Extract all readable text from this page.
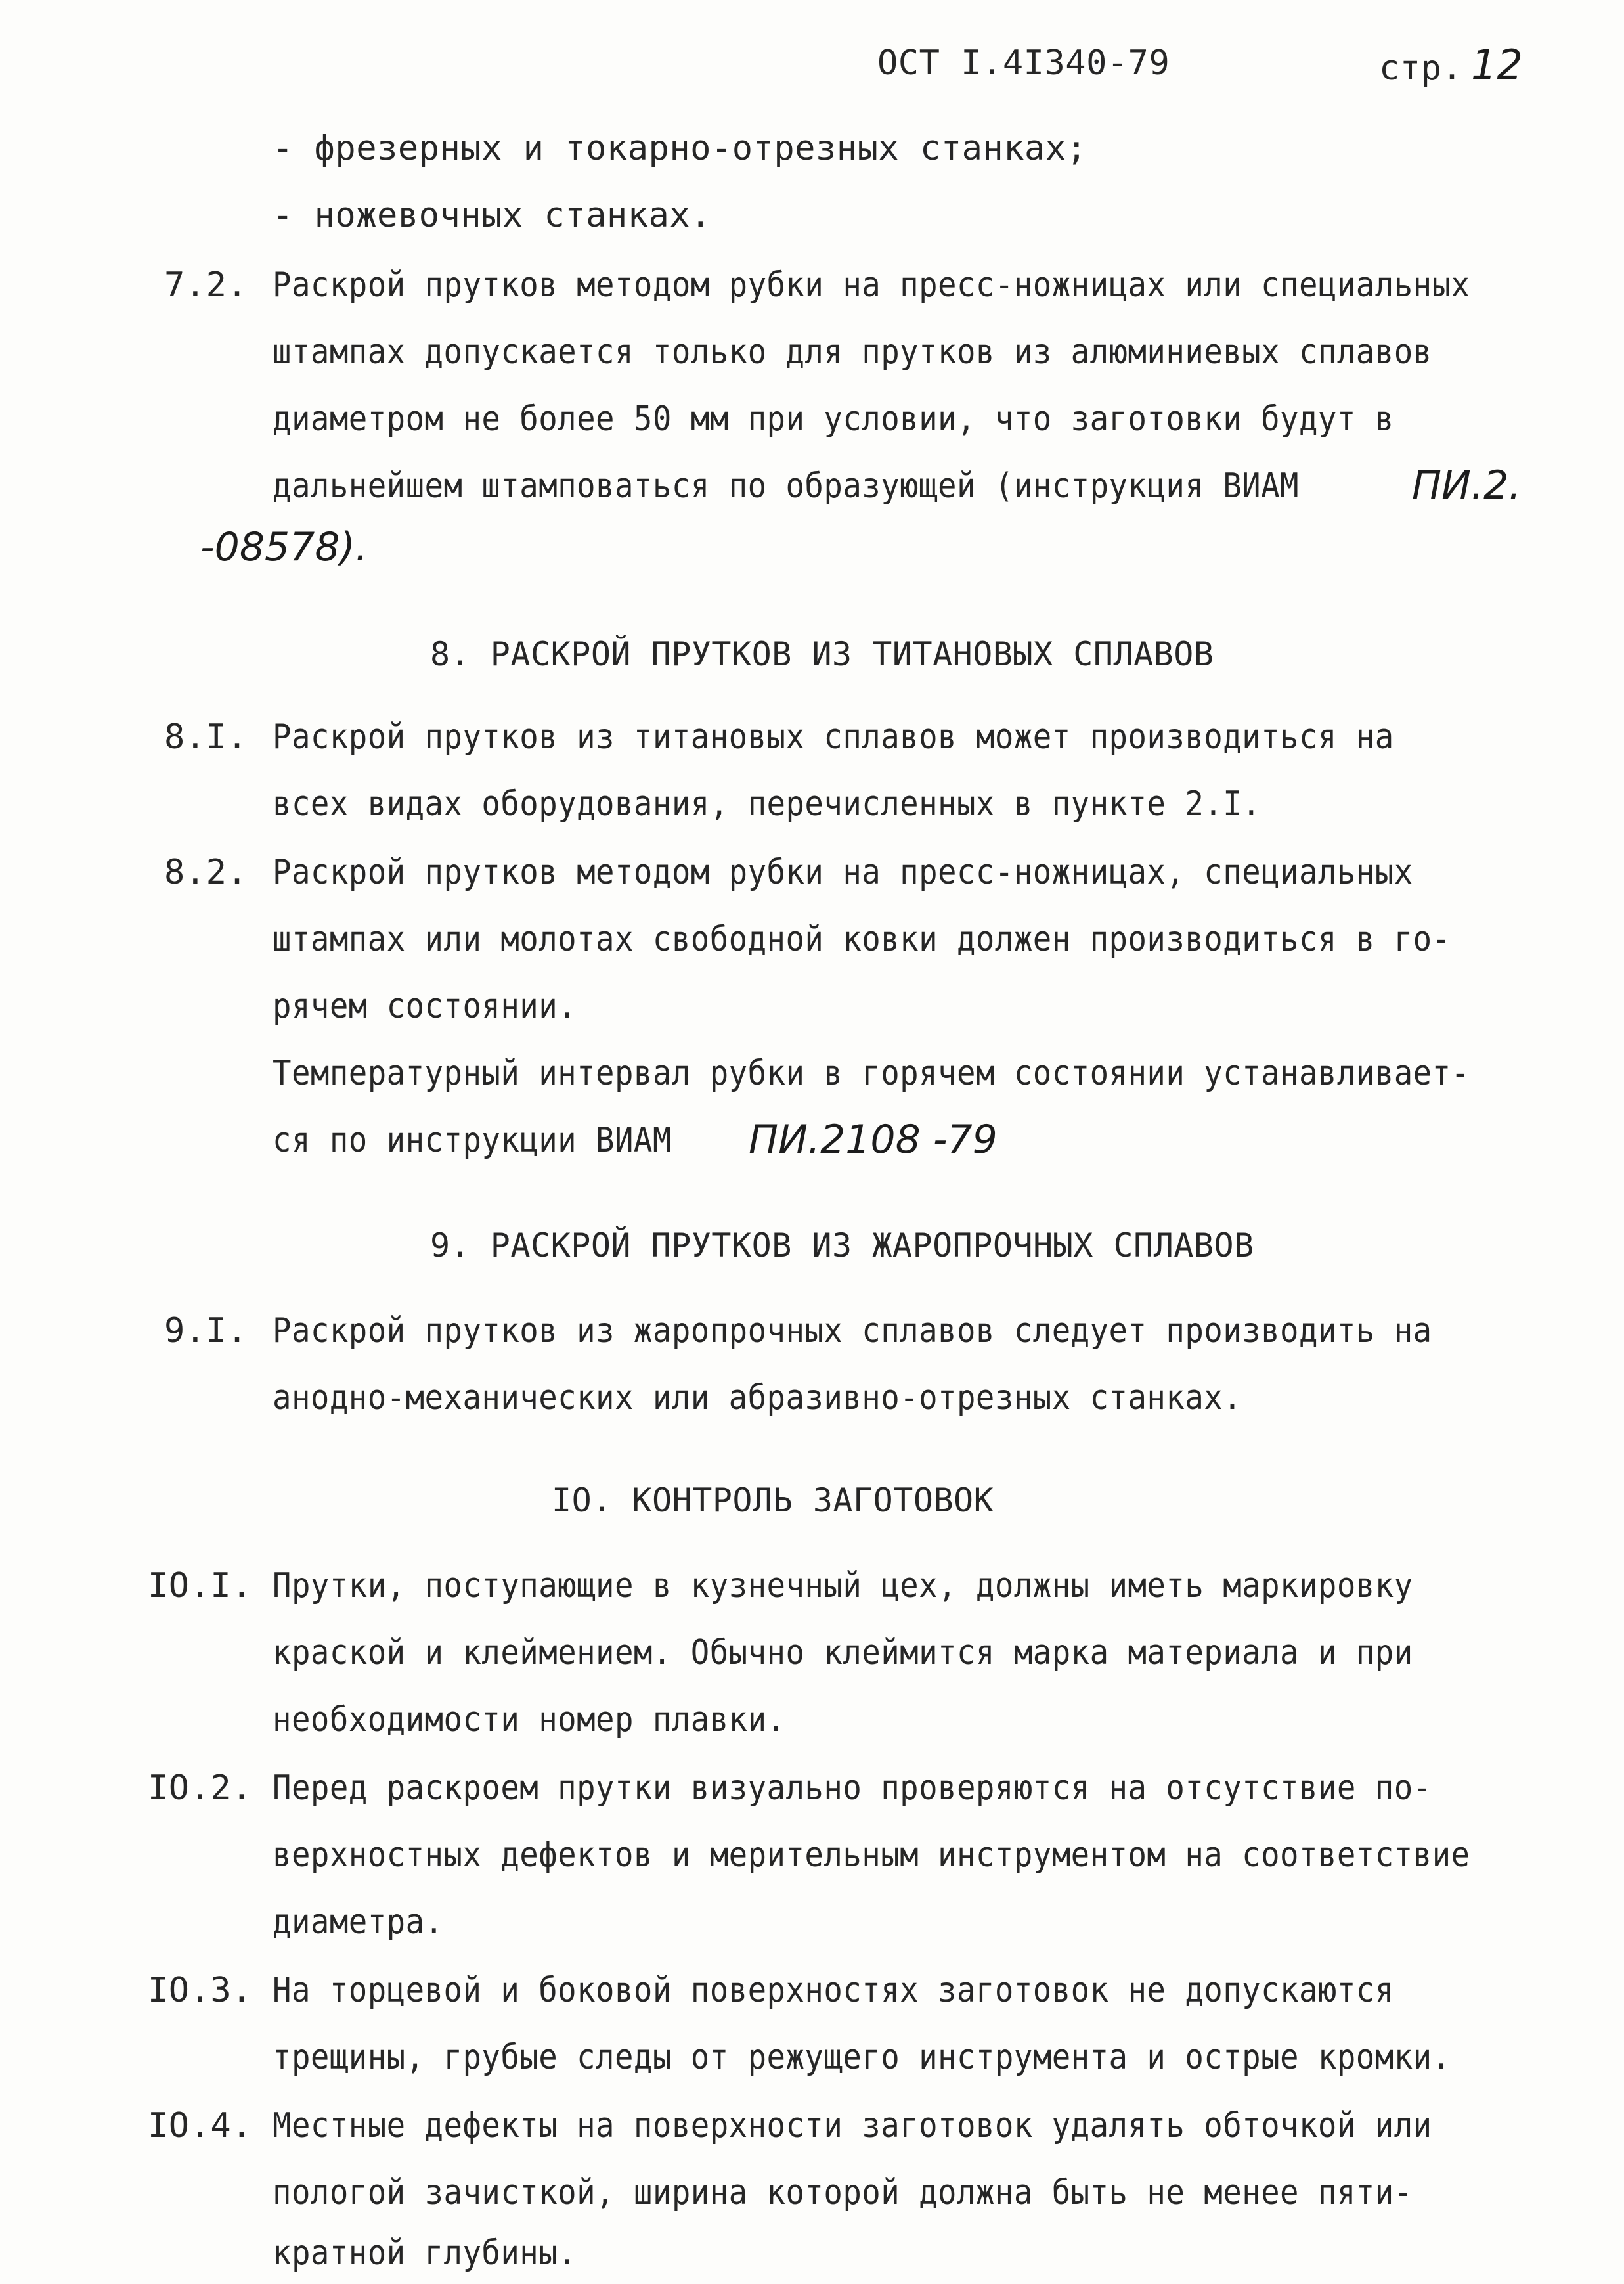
ОСТ I.4I340-79	стр. 12
- фрезерных и токарно-отрезных станках;
- ножевочных станках.
7.2. Раскрой прутков методом рубки на пресс-ножницах или специальных
штампах допускается только для прутков из алюминиевых сплавов
диаметром не более 50 мм при условии, что заготовки будут в
дальнейшем штамповаться по образующей (инструкция ВИАМ	ПИ.2.
-08578).
8. РАСКРОЙ ПРУТКОВ ИЗ ТИТАНОВЫХ СПЛАВОВ
8.I. Раскрой прутков из титановых сплавов может производиться на
всех видах оборудования, перечисленных в пункте 2.I.
8.2. Раскрой прутков методом рубки на пресс-ножницах, специальных
штампах или молотах свободной ковки должен производиться в го-
рячем состоянии.
Температурный интервал рубки в горячем состоянии устанавливает-
ся по инструкции ВИАМ ПИ.2108 -79
9. РАСКРОЙ ПРУТКОВ ИЗ ЖАРОПРОЧНЫХ СПЛАВОВ
9.I. Раскрой прутков из жаропрочных сплавов следует производить на
анодно-механических или абразивно-отрезных станках.
IO. КОНТРОЛЬ ЗАГОТОВОК
IO.I. Прутки, поступающие в кузнечный цех, должны иметь маркировку
краской и клеймением. Обычно клеймится марка материала и при
необходимости номер плавки.
IO.2. Перед раскроем прутки визуально проверяются на отсутствие по-
верхностных дефектов и мерительным инструментом на соответствие
диаметра.
IO.3. На торцевой и боковой поверхностях заготовок не допускаются
трещины, грубые следы от режущего инструмента и острые кромки.
IO.4. Местные дефекты на поверхности заготовок удалять обточкой или
пологой зачисткой, ширина которой должна быть не менее пяти-
кратной глубины.
